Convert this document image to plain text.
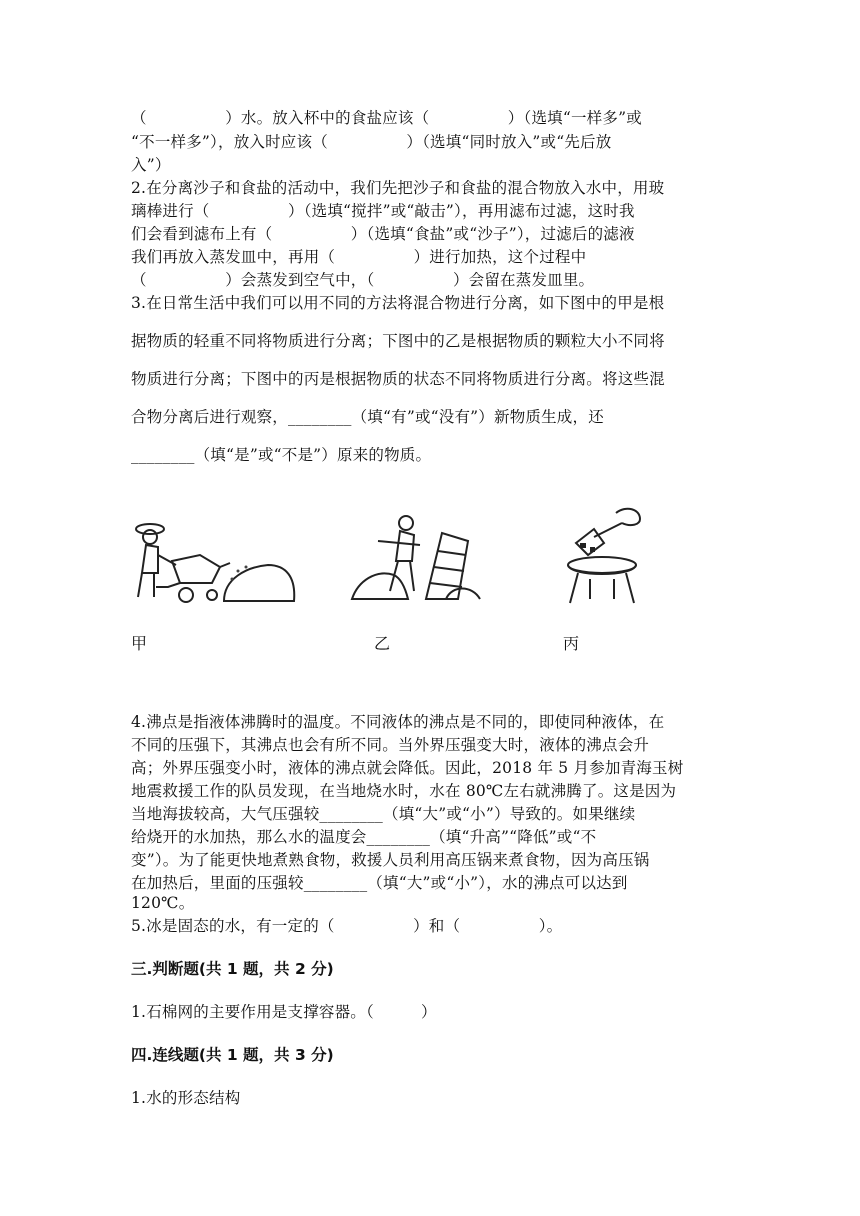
（　　　　　）水。放入杯中的食盐应该（　　　　　）（选填“一样多”或
“不一样多”），放入时应该（　　　　　）（选填“同时放入”或“先后放
入”）
2.在分离沙子和食盐的活动中，我们先把沙子和食盐的混合物放入水中，用玻
璃棒进行（　　　　　）（选填“搅拌”或“敲击”），再用滤布过滤，这时我
们会看到滤布上有（　　　　　）（选填“食盐”或“沙子”），过滤后的滤液
我们再放入蒸发皿中，再用（　　　　　）进行加热，这个过程中
（　　　　　）会蒸发到空气中，（　　　　　）会留在蒸发皿里。
3.在日常生活中我们可以用不同的方法将混合物进行分离，如下图中的甲是根
据物质的轻重不同将物质进行分离；下图中的乙是根据物质的颗粒大小不同将
物质进行分离；下图中的丙是根据物质的状态不同将物质进行分离。将这些混
合物分离后进行观察，________（填“有”或“没有”）新物质生成，还
________（填“是”或“不是”）原来的物质。
甲	乙	丙
4.沸点是指液体沸腾时的温度。不同液体的沸点是不同的，即使同种液体，在
不同的压强下，其沸点也会有所不同。当外界压强变大时，液体的沸点会升
高；外界压强变小时，液体的沸点就会降低。因此，2018 年 5 月参加青海玉树
地震救援工作的队员发现，在当地烧水时，水在 80℃左右就沸腾了。这是因为
当地海拔较高，大气压强较________（填“大”或“小”）导致的。如果继续
给烧开的水加热，那么水的温度会________（填“升高”“降低”或“不
变”）。为了能更快地煮熟食物，救援人员利用高压锅来煮食物，因为高压锅
在加热后，里面的压强较________（填“大”或“小”），水的沸点可以达到
120℃。
5.冰是固态的水，有一定的（　　　　　）和（　　　　　）。
三.判断题(共 1 题，共 2 分)
1.石棉网的主要作用是支撑容器。（　　　）
四.连线题(共 1 题，共 3 分)
1.水的形态结构
